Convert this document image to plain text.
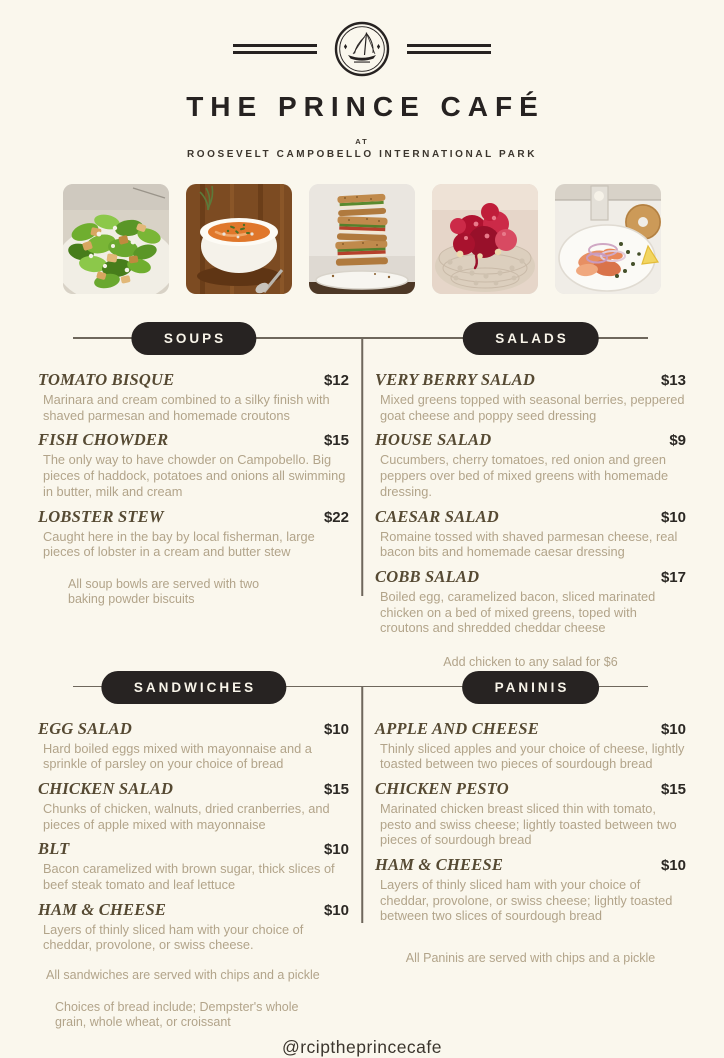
THE PRINCE CAFÉ
AT
ROOSEVELT CAMPOBELLO INTERNATIONAL PARK
SOUPS
TOMATO BISQUE	$12
Marinara and cream combined to a silky finish with shaved parmesan and homemade croutons
FISH CHOWDER	$15
The only way to have chowder on Campobello. Big pieces of haddock, potatoes and onions all swimming in butter, milk and cream
LOBSTER STEW	$22
Caught here in the bay by local fisherman, large pieces of lobster in a cream and butter stew
All soup bowls are served with two baking powder biscuits
SALADS
VERY BERRY SALAD	$13
Mixed greens topped with seasonal berries, peppered goat cheese and poppy seed dressing
HOUSE SALAD	$9
Cucumbers, cherry tomatoes, red onion and green peppers over bed of mixed greens with homemade dressing.
CAESAR SALAD	$10
Romaine tossed with shaved parmesan cheese, real bacon bits and homemade caesar dressing
COBB SALAD	$17
Boiled egg, caramelized bacon, sliced marinated chicken on a bed of mixed greens, toped with croutons and shredded cheddar cheese
Add chicken to any salad for $6
SANDWICHES
EGG SALAD	$10
Hard boiled eggs mixed with mayonnaise and a sprinkle of parsley on your choice of bread
CHICKEN SALAD	$15
Chunks of chicken, walnuts, dried cranberries, and pieces of apple mixed with mayonnaise
BLT	$10
Bacon caramelized with brown sugar, thick slices of beef steak tomato and leaf lettuce
HAM & CHEESE	$10
Layers of thinly sliced ham with your choice of cheddar, provolone, or swiss cheese.
All sandwiches are served with chips and a pickle
Choices of bread include; Dempster's whole grain, whole wheat, or croissant
PANINIS
APPLE AND CHEESE	$10
Thinly sliced apples and your choice of cheese, lightly toasted between two pieces of sourdough bread
CHICKEN PESTO	$15
Marinated chicken breast sliced thin with tomato, pesto and swiss cheese; lightly toasted between two pieces of sourdough bread
HAM & CHEESE	$10
Layers of thinly sliced ham with your choice of cheddar, provolone, or swiss cheese; lightly toasted between two slices of sourdough bread
All Paninis are served with chips and a pickle
@rciptheprincecafe
